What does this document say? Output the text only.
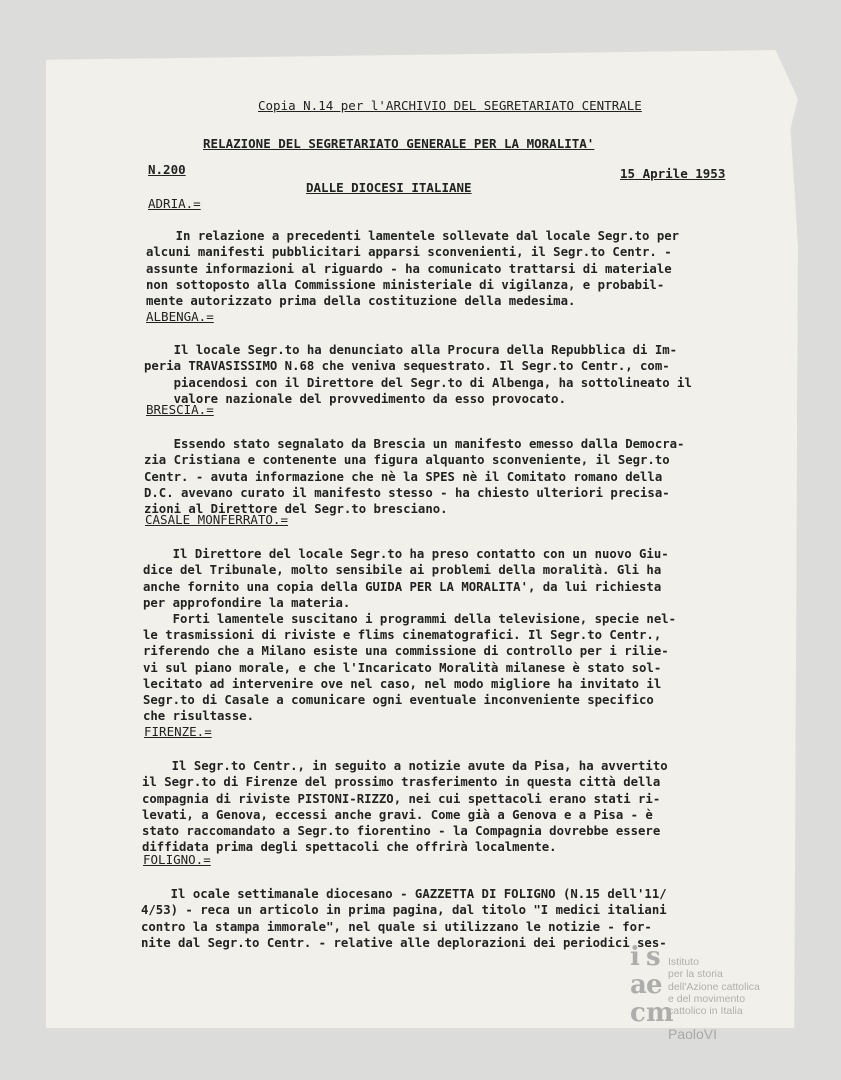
Copia N.14 per l'ARCHIVIO DEL SEGRETARIATO CENTRALE
RELAZIONE DEL SEGRETARIATO GENERALE PER LA MORALITA'
N.200	15 Aprile 1953
DALLE DIOCESI ITALIANE
ADRIA.=

In relazione a precedenti lamentele sollevate dal locale Segr.to per
alcuni manifesti pubblicitari apparsi sconvenienti, il Segr.to Centr. -
assunte informazioni al riguardo - ha comunicato trattarsi di materiale
non sottoposto alla Commissione ministeriale di vigilanza, e probabil-
mente autorizzato prima della costituzione della medesima.

ALBENGA.=

Il locale Segr.to ha denunciato alla Procura della Repubblica di Im-
peria TRAVASISSIMO N.68 che veniva sequestrato. Il Segr.to Centr., com-
piacendosi con il Direttore del Segr.to di Albenga, ha sottolineato il
valore nazionale del provvedimento da esso provocato.

BRESCIA.=

Essendo stato segnalato da Brescia un manifesto emesso dalla Democra-
zia Cristiana e contenente una figura alquanto sconveniente, il Segr.to
Centr. - avuta informazione che nè la SPES nè il Comitato romano della
D.C. avevano curato il manifesto stesso - ha chiesto ulteriori precisa-
zioni al Direttore del Segr.to bresciano.

CASALE MONFERRATO.=

Il Direttore del locale Segr.to ha preso contatto con un nuovo Giu-
dice del Tribunale, molto sensibile ai problemi della moralità. Gli ha
anche fornito una copia della GUIDA PER LA MORALITA', da lui richiesta
per approfondire la materia.
Forti lamentele suscitano i programmi della televisione, specie nel-
le trasmissioni di riviste e flims cinematografici. Il Segr.to Centr.,
riferendo che a Milano esiste una commissione di controllo per i rilie-
vi sul piano morale, e che l'Incaricato Moralità milanese è stato sol-
lecitato ad intervenire ove nel caso, nel modo migliore ha invitato il
Segr.to di Casale a comunicare ogni eventuale inconveniente specifico
che risultasse.

FIRENZE.=

Il Segr.to Centr., in seguito a notizie avute da Pisa, ha avvertito
il Segr.to di Firenze del prossimo trasferimento in questa città della
compagnia di riviste PISTONI-RIZZO, nei cui spettacoli erano stati ri-
levati, a Genova, eccessi anche gravi. Come già a Genova e a Pisa - è
stato raccomandato a Segr.to fiorentino - la Compagnia dovrebbe essere
diffidata prima degli spettacoli che offrirà localmente.

FOLIGNO.=

Il ocale settimanale diocesano - GAZZETTA DI FOLIGNO (N.15 dell'11/
4/53) - reca un articolo in prima pagina, dal titolo "I medici italiani
contro la stampa immorale", nel quale si utilizzano le notizie - for-
nite dal Segr.to Centr. - relative alle deplorazioni dei periodici ses-

i s
a e
c m

Istituto
per la storia
dell'Azione cattolica
e del movimento
cattolico in Italia

PaoloVI
